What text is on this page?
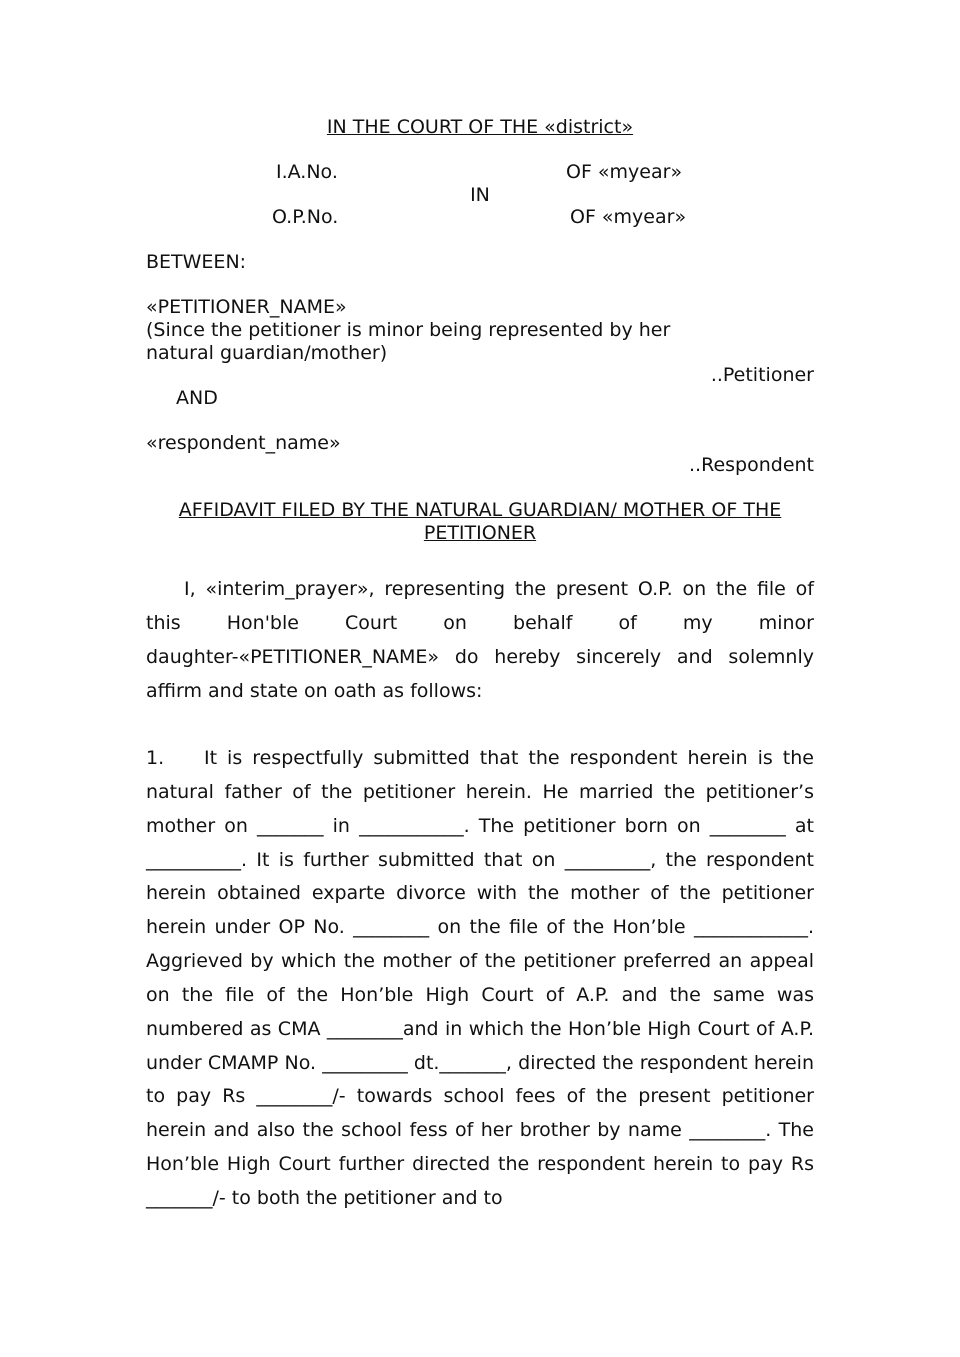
IN THE COURT OF THE «district»
I.A.No.	OF «myear»
IN
O.P.No.	OF «myear»
BETWEEN:
«PETITIONER_NAME»
(Since the petitioner is minor being represented by her
natural guardian/mother)
..Petitioner
AND
«respondent_name»
..Respondent
AFFIDAVIT FILED BY THE NATURAL GUARDIAN/ MOTHER OF THE
PETITIONER

I, «interim_prayer», representing the present O.P. on the file of this Hon'ble Court on behalf of my minor daughter-«PETITIONER_NAME» do hereby sincerely and solemnly affirm and state on oath as follows:

1. It is respectfully submitted that the respondent herein is the natural father of the petitioner herein. He married the petitioner’s mother on _______ in ___________. The petitioner born on ________ at __________. It is further submitted that on _________, the respondent herein obtained exparte divorce with the mother of the petitioner herein under OP No. ________ on the file of the Hon’ble ____________. Aggrieved by which the mother of the petitioner preferred an appeal on the file of the Hon’ble High Court of A.P. and the same was numbered as CMA ________and in which the Hon’ble High Court of A.P. under CMAMP No. _________ dt._______, directed the respondent herein to pay Rs ________/- towards school fees of the present petitioner herein and also the school fess of her brother by name ________. The Hon’ble High Court further directed the respondent herein to pay Rs _______/- to both the petitioner and to
